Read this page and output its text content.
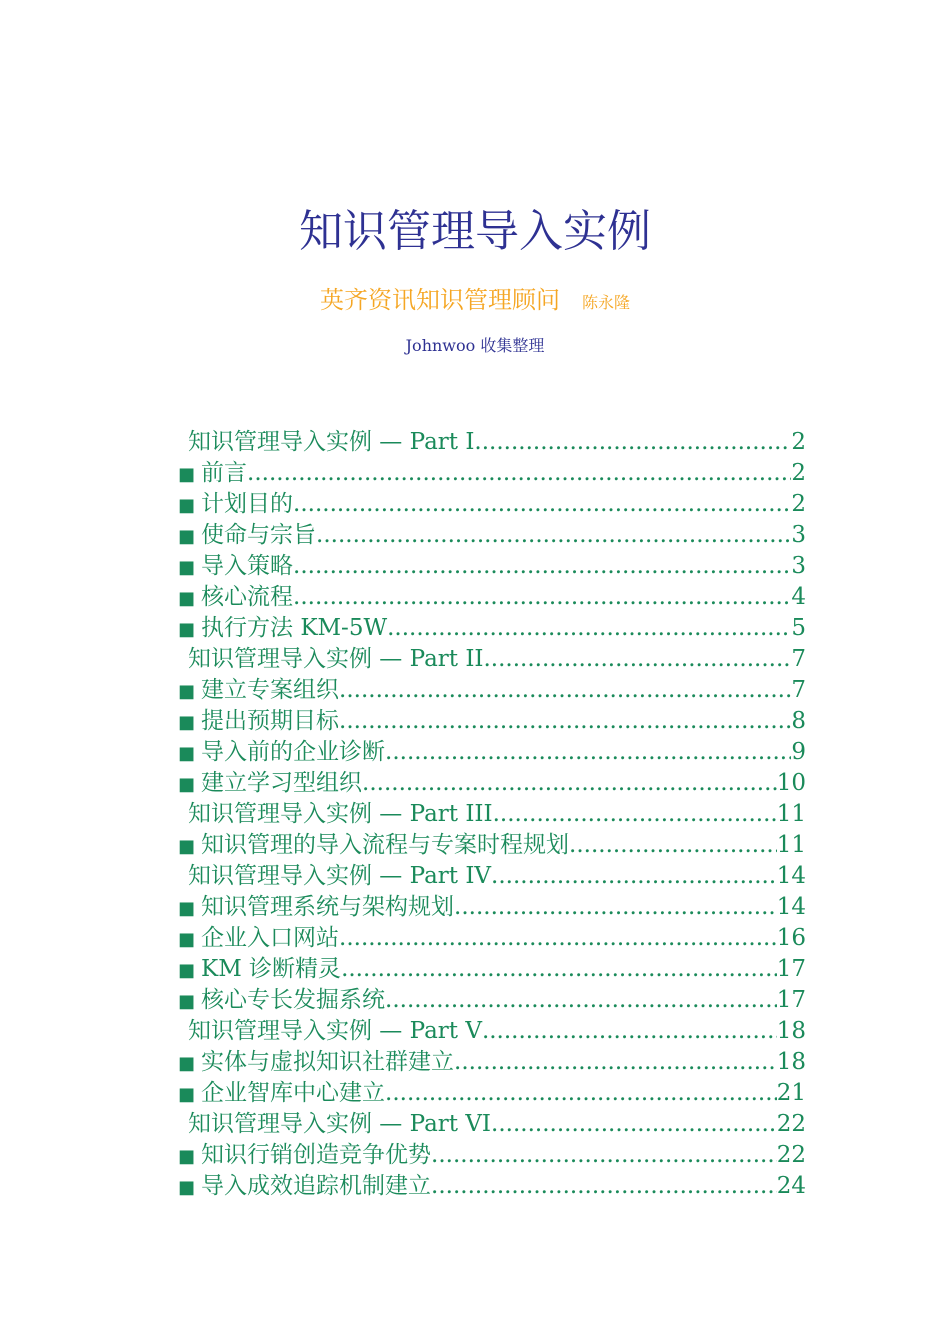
知识管理导入实例

英齐资讯知识管理顾问 陈永隆

Johnwoo 收集整理

知识管理导入实例 — Part I .....	2
■ 前言 .....	2
■ 计划目的 .....	2
■ 使命与宗旨 .....	3
■ 导入策略 .....	3
■ 核心流程 .....	4
■ 执行方法 KM-5W .....	5
知识管理导入实例 — Part II .....	7
■ 建立专案组织 .....	7
■ 提出预期目标 .....	8
■ 导入前的企业诊断 .....	9
■ 建立学习型组织 .....	10
知识管理导入实例 — Part III .....	11
■ 知识管理的导入流程与专案时程规划 .....	11
知识管理导入实例 — Part IV .....	14
■ 知识管理系统与架构规划 .....	14
■ 企业入口网站 .....	16
■ KM 诊断精灵 .....	17
■ 核心专长发掘系统 .....	17
知识管理导入实例 — Part V .....	18
■ 实体与虚拟知识社群建立 .....	18
■ 企业智库中心建立 .....	21
知识管理导入实例 — Part VI .....	22
■ 知识行销创造竞争优势 .....	22
■ 导入成效追踪机制建立 .....	24
